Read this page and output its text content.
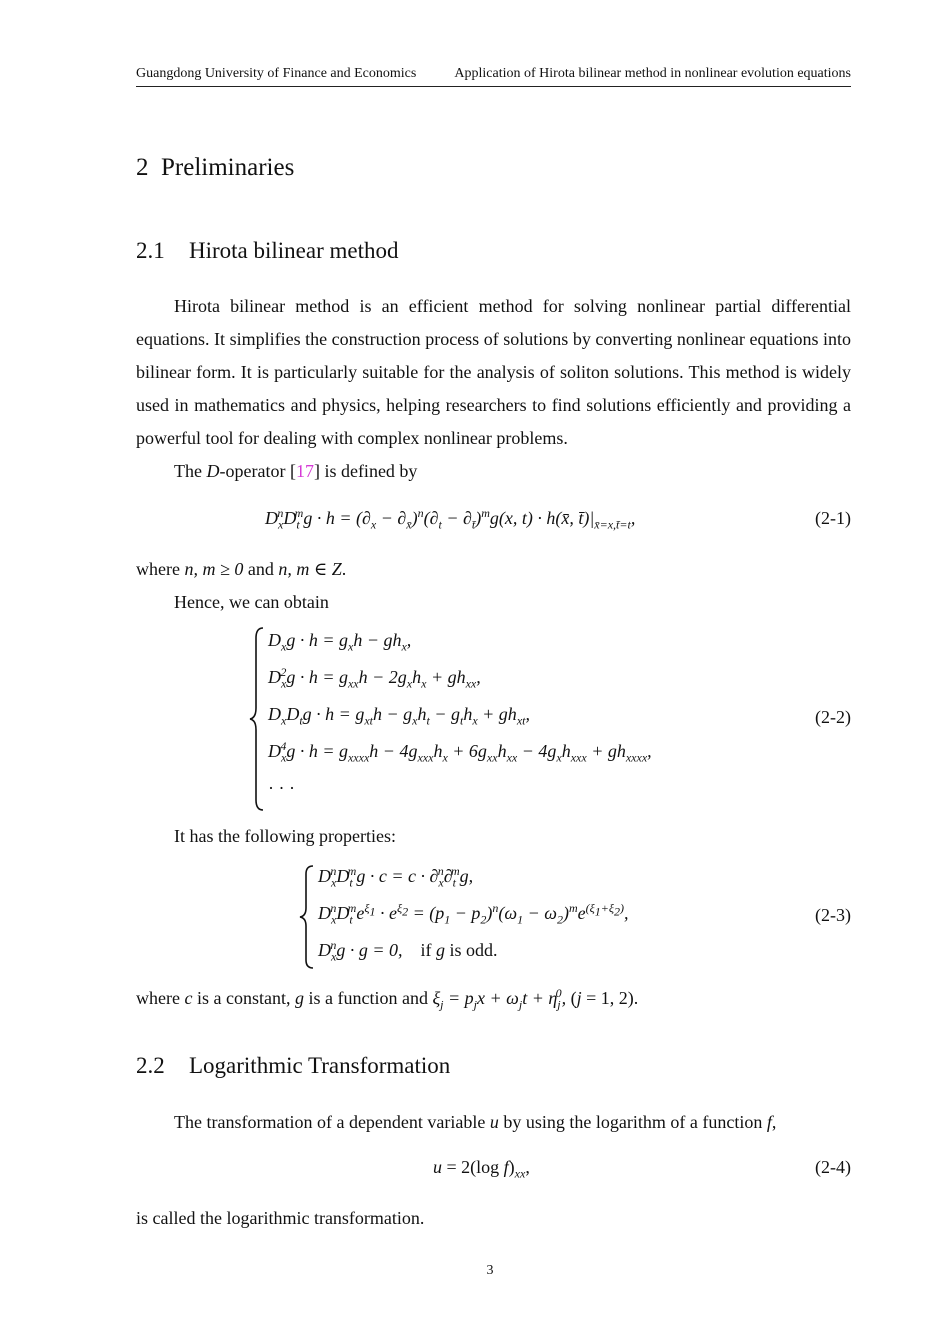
Guangdong University of Finance and Economics	Application of Hirota bilinear method in nonlinear evolution equations
2 Preliminaries
2.1 Hirota bilinear method
Hirota bilinear method is an efficient method for solving nonlinear partial differential equations. It simplifies the construction process of solutions by converting nonlinear equations into bilinear form. It is particularly suitable for the analysis of soliton solutions. This method is widely used in mathematics and physics, helping researchers to find solutions efficiently and providing a powerful tool for dealing with complex nonlinear problems.
The D-operator [17] is defined by
$D_x^nD_t^mg \cdot h = (\partial_x - \partial_{x̄})^n(\partial_t - \partial_{t̄})^mg(x$, t) · h(x̄, $t̄)|_{x̄=x,t̄=t}$,	(2-1)
where n, m ≥ 0 and n, m ∈ Z.
Hence, we can obtain
$D_xg \cdot h = g_xh - gh_x$,
$D_x^2g \cdot h = g_{xx}h - 2g_xh_x + gh_{xx}$,
$D_xD_tg \cdot h = g_{xt}h - g_xh_t - g_th_x + gh_{xt}$,
$D_x^4g \cdot h = g_{xxxx}h - 4g_{xxx}h_x + 6g_{xx}h_{xx} - 4g_xh_{xxx} + gh_{xxxx}$,
· · ·
(2-2)
It has the following properties:
$D_x^nD_t^mg \cdot c = c \cdot \partial_x^n\partial_t^mg$,
$D_x^nD_t^me^{\xi_1} \cdot e^{\xi_2} = (p_1 - p_2)^n(\omega_1 - \omega_2)^me^{(\xi_1+\xi_2)}$,
$D_x^ng \cdot g = 0$, if g is odd.
(2-3)
where c is a constant, g is a function and $\xi_j = p_jx + \omega_jt + \eta_j^0$, (j = 1, 2).
2.2 Logarithmic Transformation
The transformation of a dependent variable u by using the logarithm of a function f,
u = 2(log $f)_{xx}$,	(2-4)
is called the logarithmic transformation.
3
